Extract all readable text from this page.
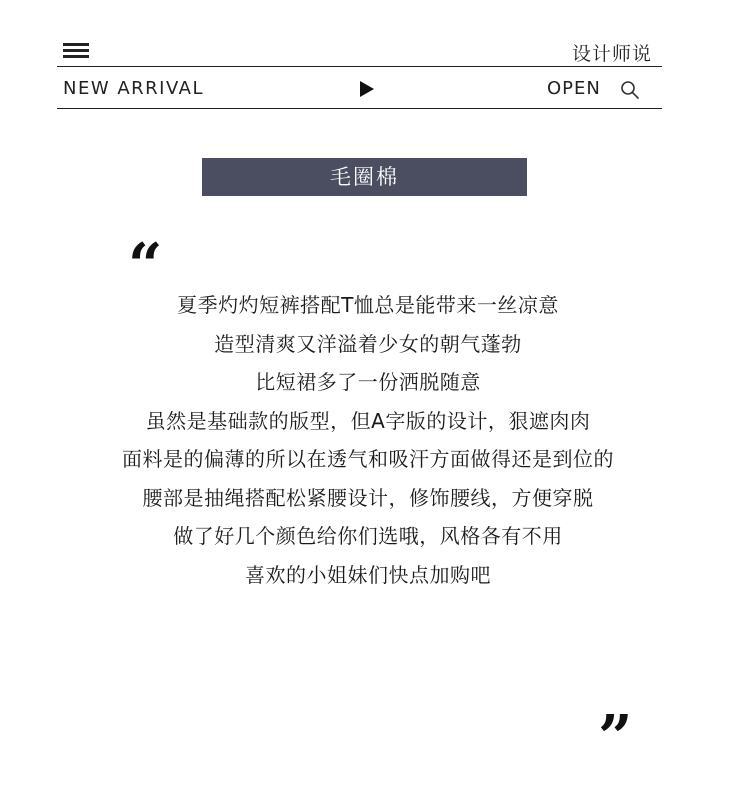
设计师说
NEW ARRIVAL	OPEN
毛圈棉
“
夏季灼灼短裤搭配T恤总是能带来一丝凉意
造型清爽又洋溢着少女的朝气蓬勃
比短裙多了一份洒脱随意
虽然是基础款的版型，但A字版的设计，狠遮肉肉
面料是的偏薄的所以在透气和吸汗方面做得还是到位的
腰部是抽绳搭配松紧腰设计，修饰腰线，方便穿脱
做了好几个颜色给你们选哦，风格各有不用
喜欢的小姐妹们快点加购吧
”
